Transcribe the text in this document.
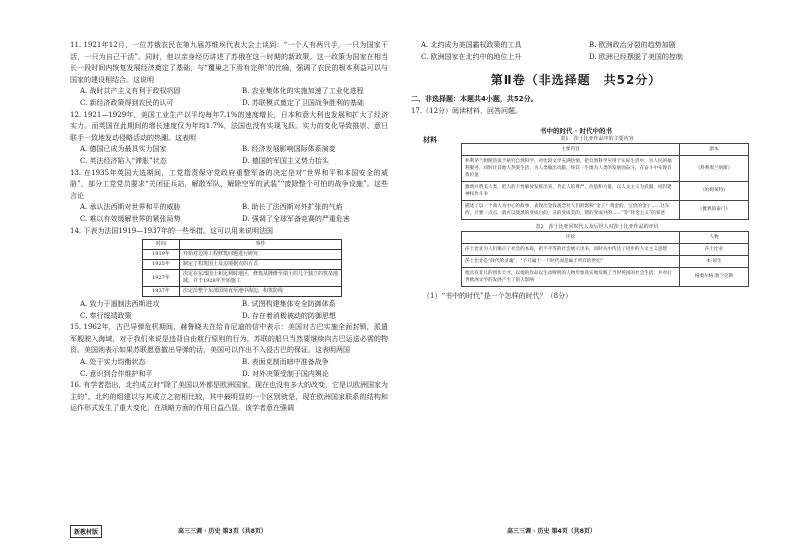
11. 1921年12月，一位苏俄农民在第九届苏维埃代表大会上谈到：“一个人有两只手，一只为国家干活，一只为自己干活”。同时，他以亲身经历讲述了苏俄在这一时期的新政策。这一政策为国家在相当长一段时间内恢复发展经济奠定了基础，与“覆巢之下焉有完卵”的比喻，强调了农民的根本利益可以与国家的建设相结合。这说明

A. 战时共产主义有利于政权巩固	B. 农业集体化的实施加速了工业化进程
C. 新经济政策得到农民的认可	D. 苏联模式奠定了卫国战争胜利的基础

12. 1921—1929年，美国工业生产以平均每年7.1%的速度增长，日本和意大利也发展和扩大了经济实力。而英国在此期间的增长速度仅为年均1.7%，法国也没有实现飞跃。实力的变化导致推崇、意日联手一致地发动侵略活动的热潮。这表明

A. 德国已成为最具实力国家	B. 经济发展影响国际体系演变
C. 英法经济陷入“滞胀”状态	D. 德国的军国主义势力抬头

13. 在1935年英国大选期间，工党指责保守党政府重整军备的决定是对“世界和平和本国安全的威胁”，部分工党党员要求“关闭征兵站，解散军队，解除空军的武装”“废除整个可怕的战争设施”。这些言论

A. 承认法西斯对世界和平的威胁	B. 助长了法西斯对外扩张的气焰
C. 难以有效缓解世界的紧张局势	D. 强调了全球军备竞赛的严重危害

14. 下表为法国1919—1937年的一些举措。这可以用来说明法国

时间	事件
1919年	开始对边境工程修筑问题进行研究
1925年	制定了构筑国土及边境据点的方式
1927年	决定在东部国土和比利时地区，修筑从隆维至瑞士的几个独立的筑垒地域，并于1928年开始施工
1937年	决定沿整个东部国境直至地中海边，构筑防线
A. 致力于遏制法西斯进攻	B. 试图构建集体安全防御体系
C. 奉行绥靖政策	D. 存在着消极被动的防御思想

15. 1962年，古巴导弹危机期间，赫鲁晓夫在给肯尼迪的信中表示：美国对古巴实施全面封锁，派遣军舰驶入海域，对于我们来说是违背自由航行原则的行为，苏联的船只当然要继续向古巴运送必需的物资。美国则表示如果苏联愿意撤出导弹的话，美国可以作出不入侵古巴的保证。这表明两国

A. 处于实力均衡状态	B. 表面克制而暗中准备战争
C. 意识到合作维护和平	D. 对外决策受制于国内舆论

16. 有学者指出，北约成立时“除了美国以外都是欧洲国家，现在也没有多大的改变，它是以欧洲国家为主的”。北约的组建以与其成立之初相比较，其中最明显的一个区别就是，现在欧洲国家联系的结构和运作形式发生了重大变化，在战略方面的作用日益凸显。该学者意在强调

新教材版	高三三调 · 历史 第3页（共8页）
A. 北约成为美国霸权政策的工具	B. 欧洲政治分裂的趋势加剧
C. 欧洲国家在北约中的地位上升	D. 欧洲已经摆脱了美国的控制
第Ⅱ卷（非选择题　共52分）
二、非选择题：本题共4小题，共52分。

17.（12分）阅读材料，回答问题。

书中的时代 · 时代中的书
材料	表1　莎士比亚作品中的主要内容
主要内容	剧本
朴利茅兰姆斯热衷于研究自然科学，对比较文学充满热情，把自然科学应用于实际生活中，为人民的福利服务，同时让其他人热爱生活，为人类做出贡献，终其一生地为人类的发展而奋斗，在奋斗中实现自我价值	《科利奥兰纳斯》
歌颂并赞美人类，把人的个性解放发挥出来，肯定人的尊严、价值和力量，以人文主义为武器，同封建神权作斗争	《哈姆莱特》
描述了以一个商人为中心的故事，表现出金钱观念对人们的影响“金子？黄金的、宝贵的金子……这东西，只要一点点，就可以使黑的变成白的，丑的变成美的，错的变成对的……”等“拜金主义”的罪恶	《雅典的泰门》
表2　莎士比亚同时代人及后世人对莎士比亚作品的评价
评价	人物
莎士比亚为人们揭示了社会的本质，把不平等的社会展示出来，同时从中传达了进步的人文主义思想	莎士比亚
莎士比亚是“时代的灵魂”，“不只属于一个时代而是属于所有的世纪”	本·琼生
他具有非凡的创作天才，以他的作品以生动鲜明的人物形象真实地反映了当时英国的社会生活，并对后世欧洲文学的发展产生了很大影响	格奥尔格·勃兰兑斯

（1）“书中的时代”是一个怎样的时代？（8分）

高三三调 · 历史 第4页（共8页）
